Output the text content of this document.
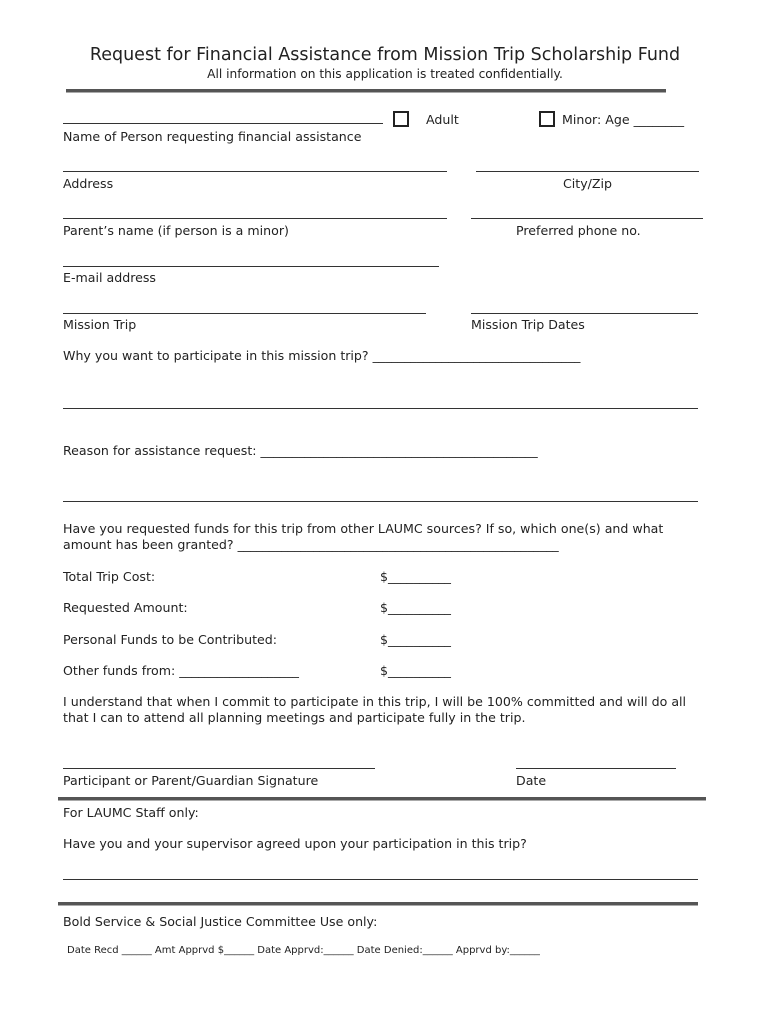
Request for Financial Assistance from Mission Trip Scholarship Fund
All information on this application is treated confidentially.
Adult	Minor: Age ________
Name of Person requesting financial assistance
Address	City/Zip
Parent’s name (if person is a minor)	Preferred phone no.
E-mail address
Mission Trip	Mission Trip Dates
Why you want to participate in this mission trip? _________________________________
Reason for assistance request: ____________________________________________
Have you requested funds for this trip from other LAUMC sources? If so, which one(s) and what
amount has been granted? ___________________________________________________
Total Trip Cost:	$__________
Requested Amount:	$__________
Personal Funds to be Contributed:	$__________
Other funds from: ___________________	$__________
I understand that when I commit to participate in this trip, I will be 100% committed and will do all
that I can to attend all planning meetings and participate fully in the trip.
Participant or Parent/Guardian Signature	Date
For LAUMC Staff only:
Have you and your supervisor agreed upon your participation in this trip?
Bold Service & Social Justice Committee Use only:
Date Recd ______ Amt Apprvd $______ Date Apprvd:______ Date Denied:______ Apprvd by:______
